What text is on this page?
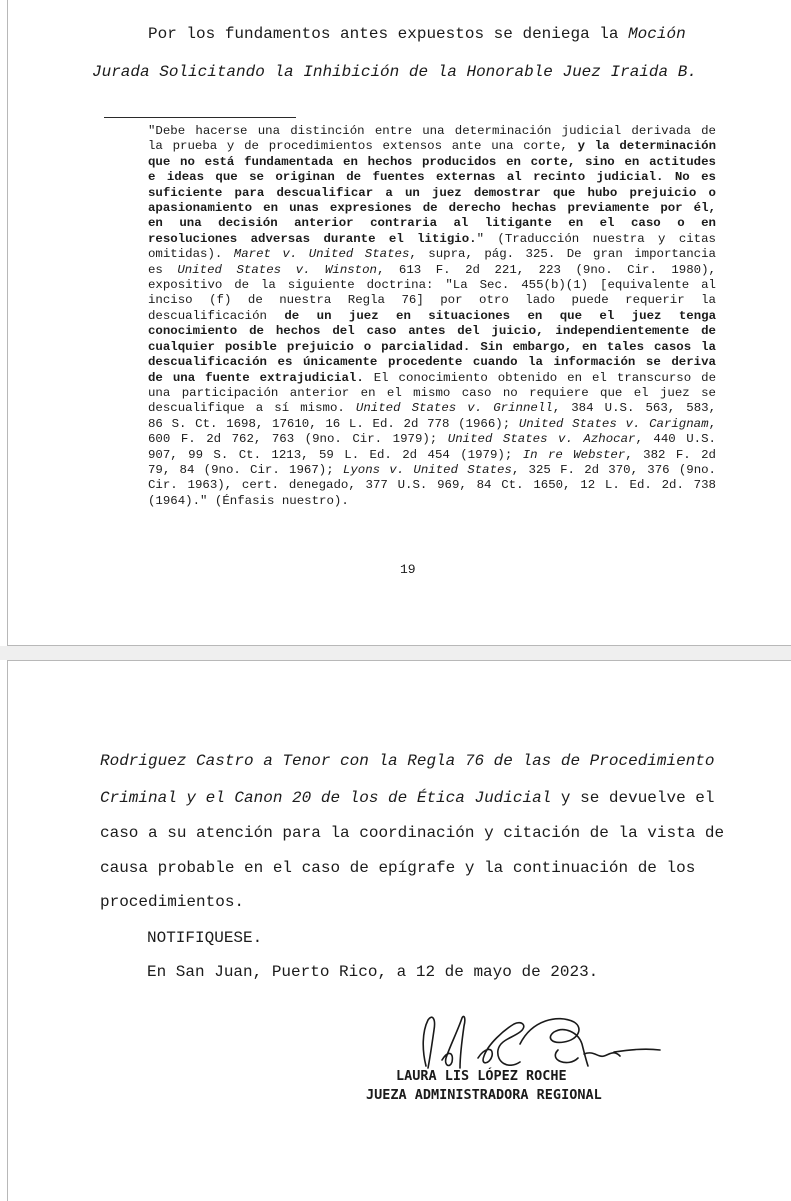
Por los fundamentos antes expuestos se deniega la Moción
Jurada Solicitando la Inhibición de la Honorable Juez Iraida B.
"Debe hacerse una distinción entre una determinación judicial derivada de
la prueba y de procedimientos extensos ante una corte, y la determinación
que no está fundamentada en hechos producidos en corte, sino en actitudes
e ideas que se originan de fuentes externas al recinto judicial. No es
suficiente para descualificar a un juez demostrar que hubo prejuicio o
apasionamiento en unas expresiones de derecho hechas previamente por él,
en una decisión anterior contraria al litigante en el caso o en
resoluciones adversas durante el litigio." (Traducción nuestra y citas
omitidas). Maret v. United States, supra, pág. 325. De gran importancia
es United States v. Winston, 613 F. 2d 221, 223 (9no. Cir. 1980),
expositivo de la siguiente doctrina: "La Sec. 455(b)(1) [equivalente al
inciso (f) de nuestra Regla 76] por otro lado puede requerir la
descualificación de un juez en situaciones en que el juez tenga
conocimiento de hechos del caso antes del juicio, independientemente de
cualquier posible prejuicio o parcialidad. Sin embargo, en tales casos la
descualificación es únicamente procedente cuando la información se deriva
de una fuente extrajudicial. El conocimiento obtenido en el transcurso de
una participación anterior en el mismo caso no requiere que el juez se
descualifique a sí mismo. United States v. Grinnell, 384 U.S. 563, 583,
86 S. Ct. 1698, 17610, 16 L. Ed. 2d 778 (1966); United States v. Carignam,
600 F. 2d 762, 763 (9no. Cir. 1979); United States v. Azhocar, 440 U.S.
907, 99 S. Ct. 1213, 59 L. Ed. 2d 454 (1979); In re Webster, 382 F. 2d
79, 84 (9no. Cir. 1967); Lyons v. United States, 325 F. 2d 370, 376 (9no.
Cir. 1963), cert. denegado, 377 U.S. 969, 84 Ct. 1650, 12 L. Ed. 2d. 738
(1964)." (Énfasis nuestro).
19
Rodriguez Castro a Tenor con la Regla 76 de las de Procedimiento
Criminal y el Canon 20 de los de Ética Judicial y se devuelve el
caso a su atención para la coordinación y citación de la vista de
causa probable en el caso de epígrafe y la continuación de los
procedimientos.
NOTIFIQUESE.
En San Juan, Puerto Rico, a 12 de mayo de 2023.
LAURA LIS LÓPEZ ROCHE
JUEZA ADMINISTRADORA REGIONAL
